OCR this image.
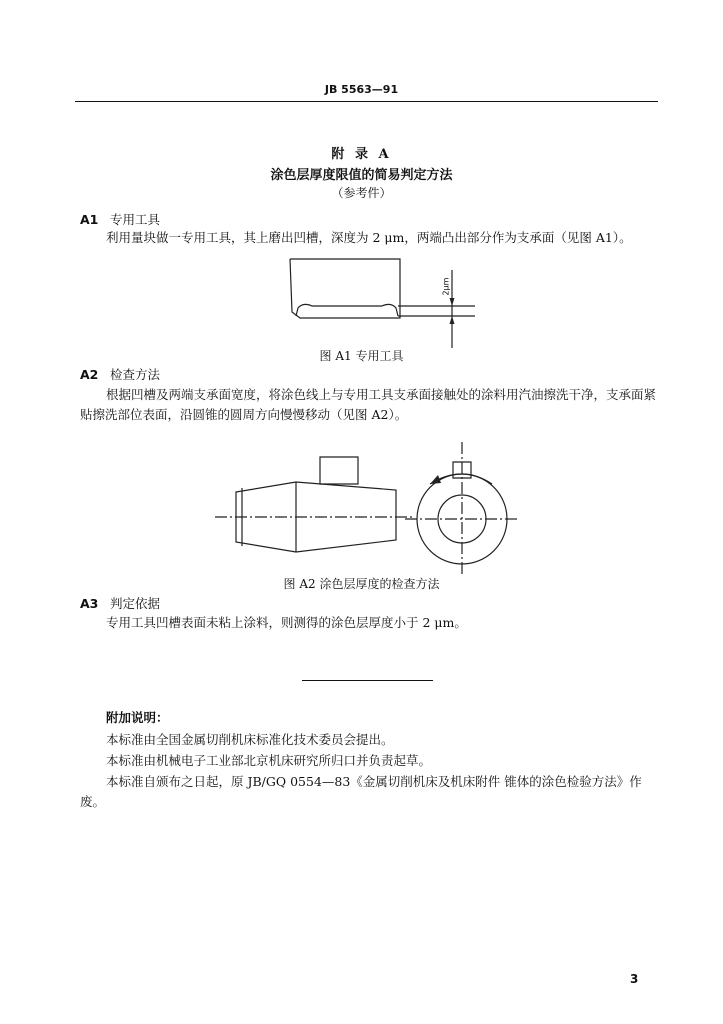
JB 5563—91
附 录 A
涂色层厚度限值的简易判定方法
（参考件）
A1 专用工具
利用量块做一专用工具，其上磨出凹槽，深度为 2 μm，两端凸出部分作为支承面（见图 A1）。
2μm
图 A1 专用工具
A2 检查方法
根据凹槽及两端支承面宽度，将涂色线上与专用工具支承面接触处的涂料用汽油擦洗干净，支承面紧贴擦洗部位表面，沿圆锥的圆周方向慢慢移动（见图 A2）。
图 A2 涂色层厚度的检查方法
A3 判定依据
专用工具凹槽表面未粘上涂料，则测得的涂色层厚度小于 2 μm。
附加说明：
本标准由全国金属切削机床标准化技术委员会提出。
本标准由机械电子工业部北京机床研究所归口并负责起草。
本标准自颁布之日起，原 JB/GQ 0554—83《金属切削机床及机床附件 锥体的涂色检验方法》作废。
3
